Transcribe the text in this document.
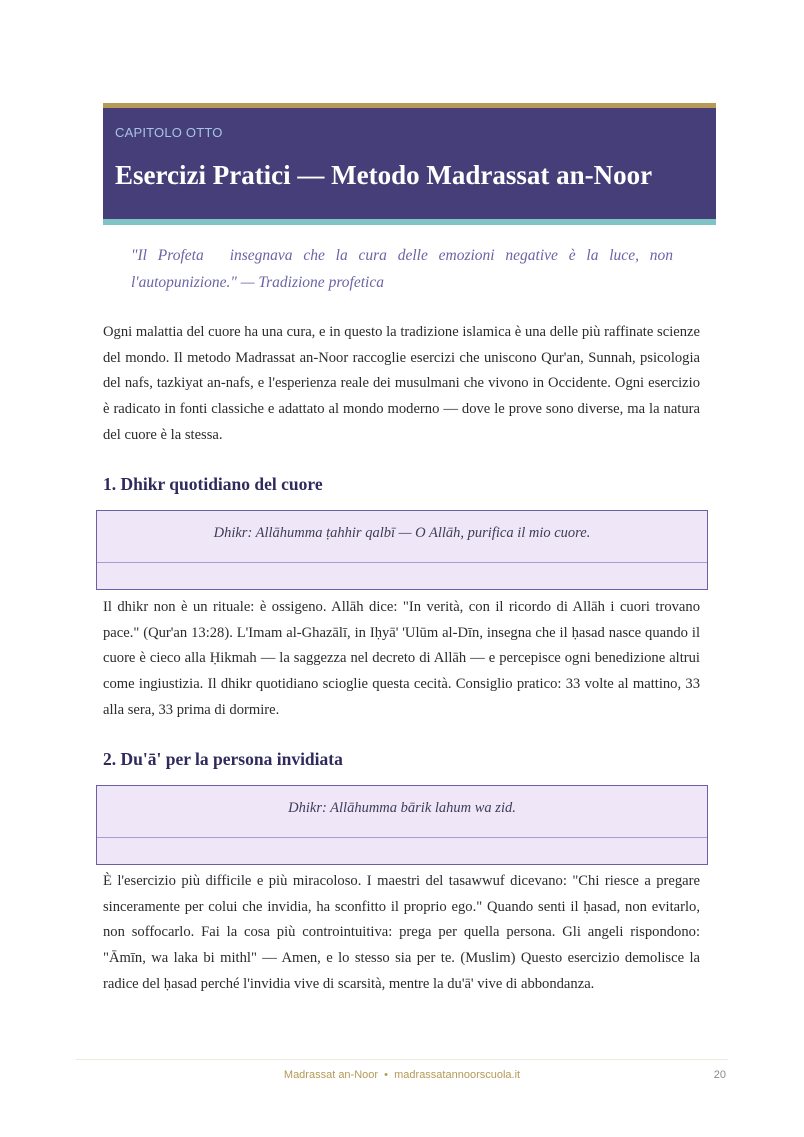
CAPITOLO OTTO
Esercizi Pratici — Metodo Madrassat an-Noor

"Il Profeta insegnava che la cura delle emozioni negative è la luce, non l'autopunizione." — Tradizione profetica

Ogni malattia del cuore ha una cura, e in questo la tradizione islamica è una delle più raffinate scienze del mondo. Il metodo Madrassat an-Noor raccoglie esercizi che uniscono Qur'an, Sunnah, psicologia del nafs, tazkiyat an-nafs, e l'esperienza reale dei musulmani che vivono in Occidente. Ogni esercizio è radicato in fonti classiche e adattato al mondo moderno — dove le prove sono diverse, ma la natura del cuore è la stessa.

1. Dhikr quotidiano del cuore
Dhikr: Allāhumma ṭahhir qalbī — O Allāh, purifica il mio cuore.

Il dhikr non è un rituale: è ossigeno. Allāh dice: "In verità, con il ricordo di Allāh i cuori trovano pace." (Qur'an 13:28). L'Imam al-Ghazālī, in Iḥyā' 'Ulūm al-Dīn, insegna che il ḥasad nasce quando il cuore è cieco alla Ḥikmah — la saggezza nel decreto di Allāh — e percepisce ogni benedizione altrui come ingiustizia. Il dhikr quotidiano scioglie questa cecità. Consiglio pratico: 33 volte al mattino, 33 alla sera, 33 prima di dormire.

2. Du'ā' per la persona invidiata
Dhikr: Allāhumma bārik lahum wa zid.

È l'esercizio più difficile e più miracoloso. I maestri del tasawwuf dicevano: "Chi riesce a pregare sinceramente per colui che invidia, ha sconfitto il proprio ego." Quando senti il ḥasad, non evitarlo, non soffocarlo. Fai la cosa più controintuitiva: prega per quella persona. Gli angeli rispondono: "Āmīn, wa laka bi mithl" — Amen, e lo stesso sia per te. (Muslim) Questo esercizio demolisce la radice del ḥasad perché l'invidia vive di scarsità, mentre la du'ā' vive di abbondanza.

Madrassat an-Noor  •  madrassatannoorscuola.it	20
